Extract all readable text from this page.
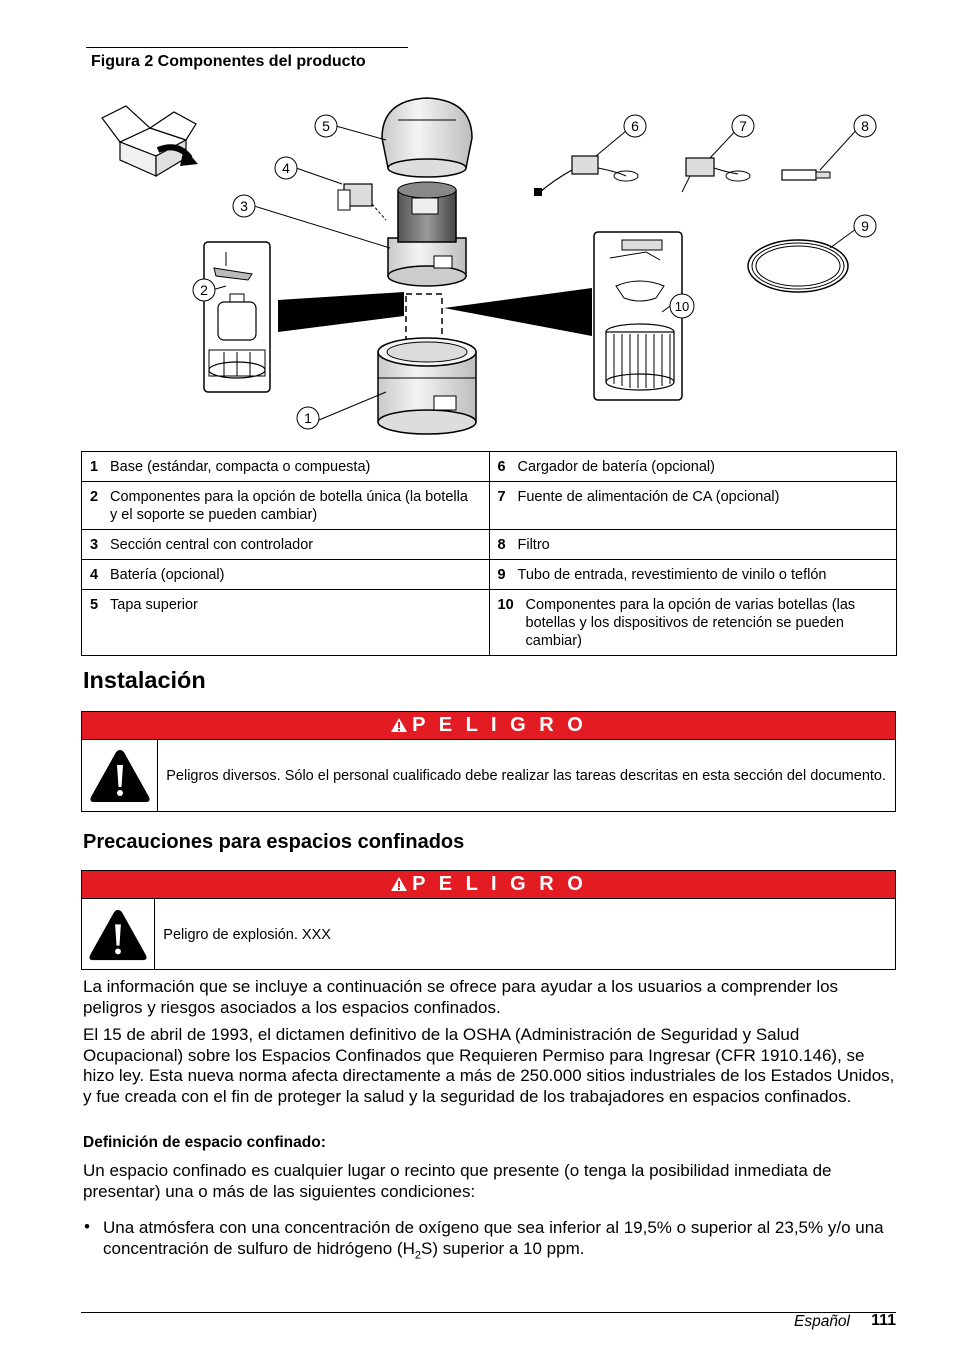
Figura 2 Componentes del producto
1
2
3
4
5	6	7	8
9
10
1 Base (estándar, compacta o compuesta)	6 Cargador de batería (opcional)
2 Componentes para la opción de botella única (la botella y el soporte se pueden cambiar)	7 Fuente de alimentación de CA (opcional)
3 Sección central con controlador	8 Filtro
4 Batería (opcional)	9 Tubo de entrada, revestimiento de vinilo o teflón
5 Tapa superior	10 Componentes para la opción de varias botellas (las botellas y los dispositivos de retención se pueden cambiar)
Instalación
P E L I G R O
Peligros diversos. Sólo el personal cualificado debe realizar las tareas descritas en esta sección del documento.
Precauciones para espacios confinados
P E L I G R O
Peligro de explosión. XXX

La información que se incluye a continuación se ofrece para ayudar a los usuarios a comprender los peligros y riesgos asociados a los espacios confinados.

El 15 de abril de 1993, el dictamen definitivo de la OSHA (Administración de Seguridad y Salud Ocupacional) sobre los Espacios Confinados que Requieren Permiso para Ingresar (CFR 1910.146), se hizo ley. Esta nueva norma afecta directamente a más de 250.000 sitios industriales de los Estados Unidos, y fue creada con el fin de proteger la salud y la seguridad de los trabajadores en espacios confinados.

Definición de espacio confinado:

Un espacio confinado es cualquier lugar o recinto que presente (o tenga la posibilidad inmediata de presentar) una o más de las siguientes condiciones:

• Una atmósfera con una concentración de oxígeno que sea inferior al 19,5% o superior al 23,5% y/o una concentración de sulfuro de hidrógeno $(H_2S)$ superior a 10 ppm.

Español 111
